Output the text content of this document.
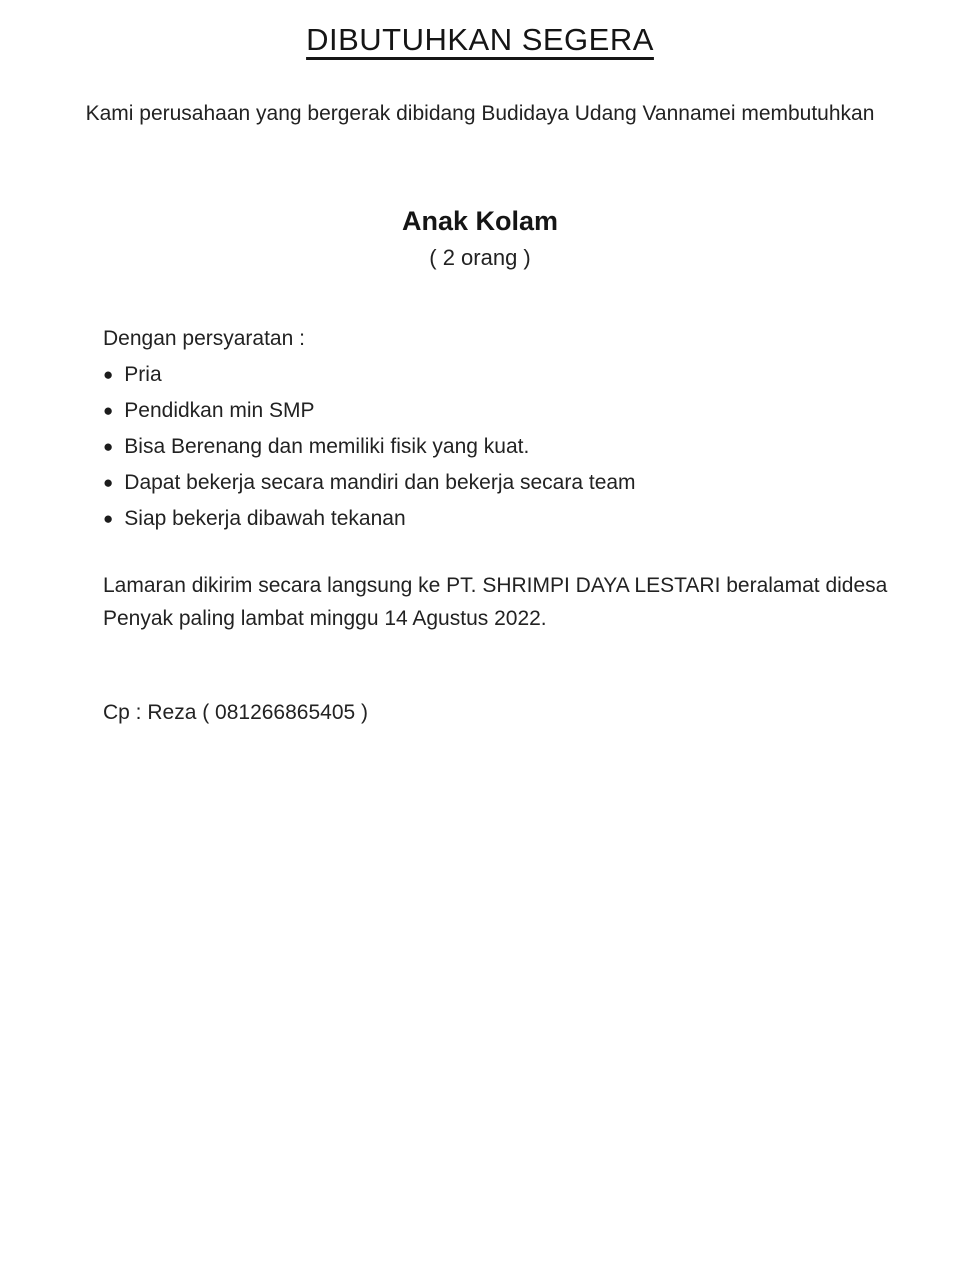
DIBUTUHKAN SEGERA

Kami perusahaan yang bergerak dibidang Budidaya Udang Vannamei membutuhkan

Anak Kolam

( 2 orang )

Dengan persyaratan :

● Pria
● Pendidkan min SMP
● Bisa Berenang dan memiliki fisik yang kuat.
● Dapat bekerja secara mandiri dan bekerja secara team
● Siap bekerja dibawah tekanan

Lamaran dikirim secara langsung ke PT. SHRIMPI DAYA LESTARI beralamat didesa Penyak paling lambat minggu 14 Agustus 2022.

Cp : Reza ( 081266865405 )
